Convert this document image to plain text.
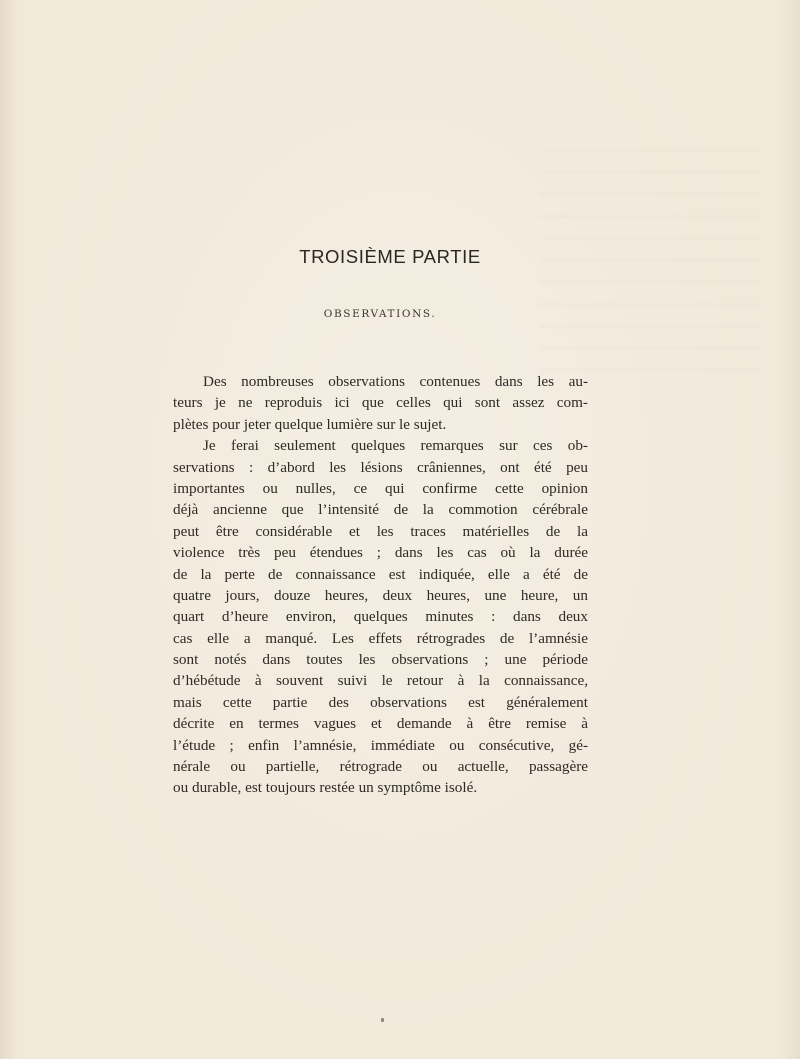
TROISIÈME PARTIE
OBSERVATIONS.
Des nombreuses observations contenues dans les au-
teurs je ne reproduis ici que celles qui sont assez com-
plètes pour jeter quelque lumière sur le sujet.
Je ferai seulement quelques remarques sur ces ob-
servations : d’abord les lésions crâniennes, ont été peu
importantes ou nulles, ce qui confirme cette opinion
déjà ancienne que l’intensité de la commotion cérébrale
peut être considérable et les traces matérielles de la
violence très peu étendues ; dans les cas où la durée
de la perte de connaissance est indiquée, elle a été de
quatre jours, douze heures, deux heures, une heure, un
quart d’heure environ, quelques minutes : dans deux
cas elle a manqué. Les effets rétrogrades de l’amnésie
sont notés dans toutes les observations ; une période
d’hébétude à souvent suivi le retour à la connaissance,
mais cette partie des observations est généralement
décrite en termes vagues et demande à être remise à
l’étude ; enfin l’amnésie, immédiate ou consécutive, gé-
nérale ou partielle, rétrograde ou actuelle, passagère
ou durable, est toujours restée un symptôme isolé.
